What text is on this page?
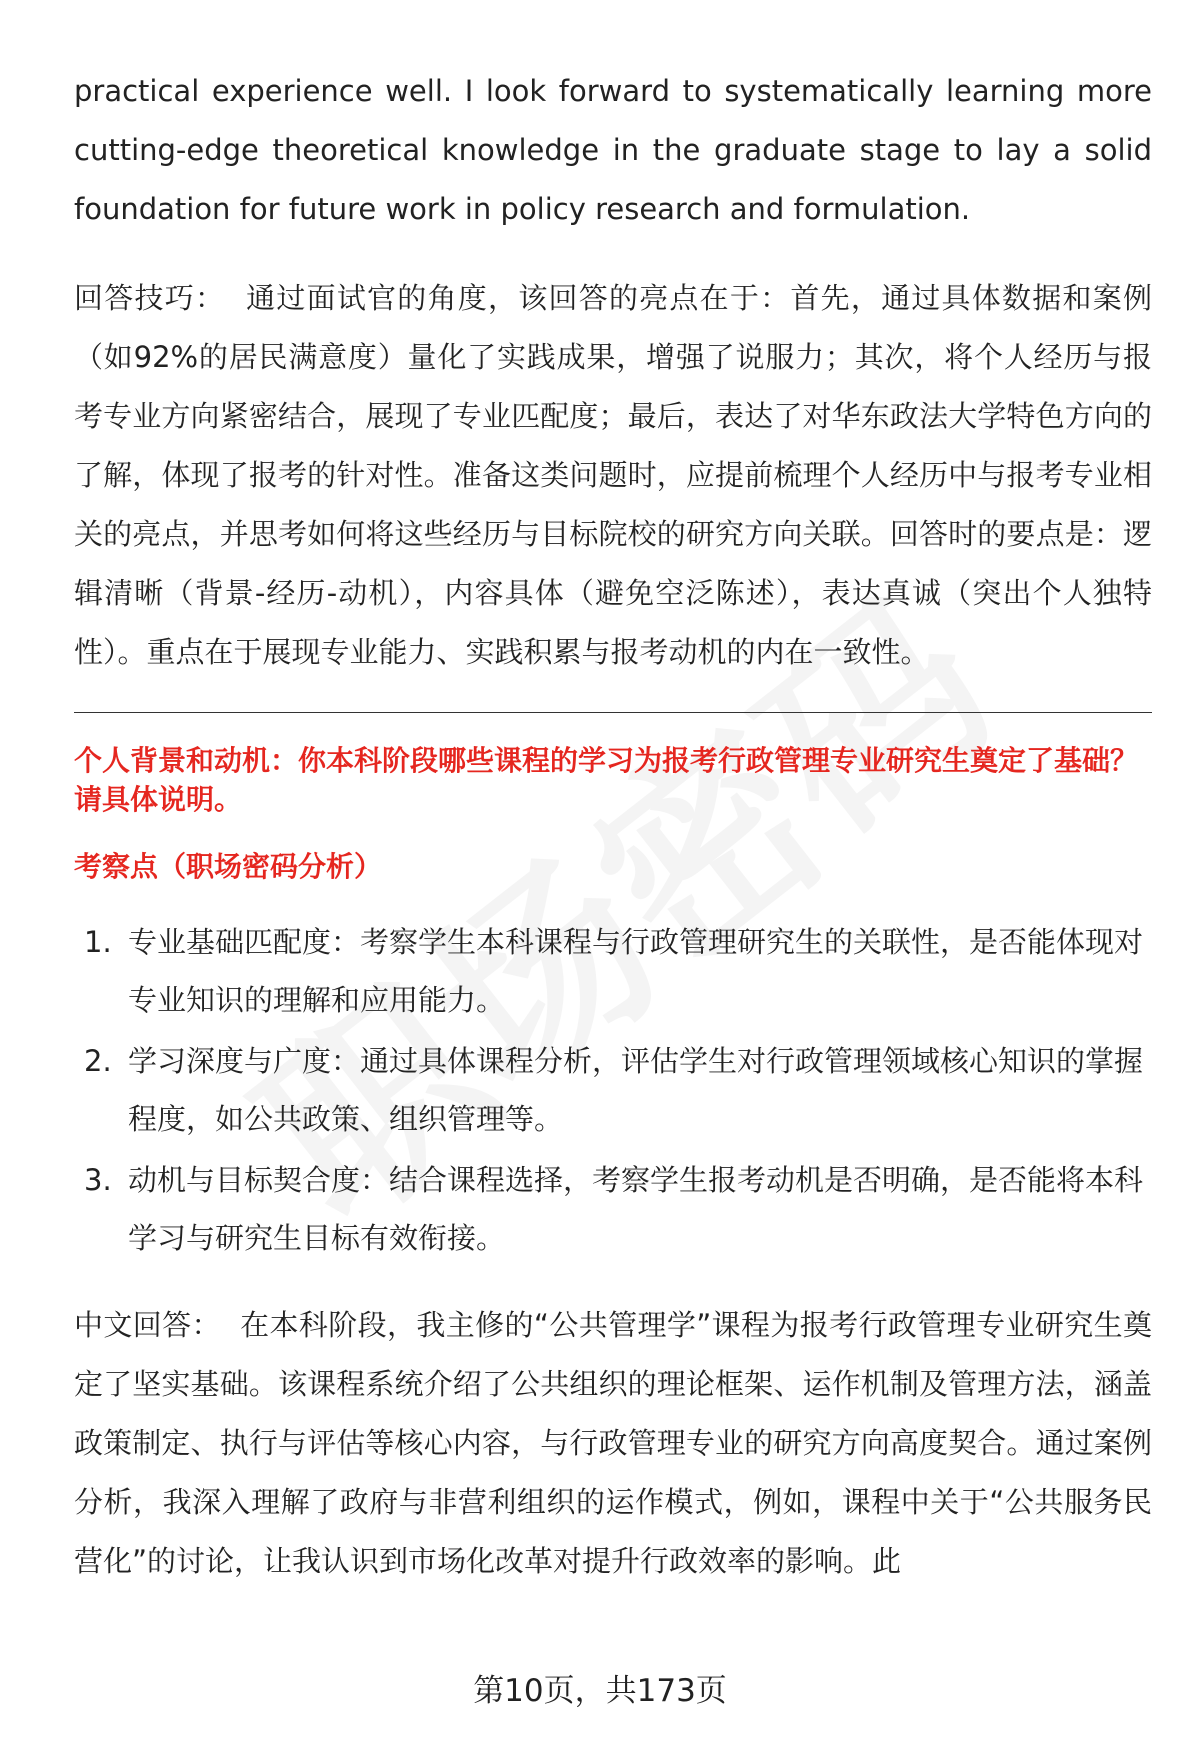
practical experience well. I look forward to systematically learning more cutting-edge theoretical knowledge in the graduate stage to lay a solid foundation for future work in policy research and formulation.

回答技巧： 通过面试官的角度，该回答的亮点在于：首先，通过具体数据和案例（如92%的居民满意度）量化了实践成果，增强了说服力；其次，将个人经历与报考专业方向紧密结合，展现了专业匹配度；最后，表达了对华东政法大学特色方向的了解，体现了报考的针对性。准备这类问题时，应提前梳理个人经历中与报考专业相关的亮点，并思考如何将这些经历与目标院校的研究方向关联。回答时的要点是：逻辑清晰（背景-经历-动机），内容具体（避免空泛陈述），表达真诚（突出个人独特性）。重点在于展现专业能力、实践积累与报考动机的内在一致性。

个人背景和动机：你本科阶段哪些课程的学习为报考行政管理专业研究生奠定了基础？请具体说明。

考察点（职场密码分析）

1. 专业基础匹配度：考察学生本科课程与行政管理研究生的关联性，是否能体现对专业知识的理解和应用能力。
2. 学习深度与广度：通过具体课程分析，评估学生对行政管理领域核心知识的掌握程度，如公共政策、组织管理等。
3. 动机与目标契合度：结合课程选择，考察学生报考动机是否明确，是否能将本科学习与研究生目标有效衔接。

中文回答： 在本科阶段，我主修的“公共管理学”课程为报考行政管理专业研究生奠定了坚实基础。该课程系统介绍了公共组织的理论框架、运作机制及管理方法，涵盖政策制定、执行与评估等核心内容，与行政管理专业的研究方向高度契合。通过案例分析，我深入理解了政府与非营利组织的运作模式，例如，课程中关于“公共服务民营化”的讨论，让我认识到市场化改革对提升行政效率的影响。此

第10页，共173页
